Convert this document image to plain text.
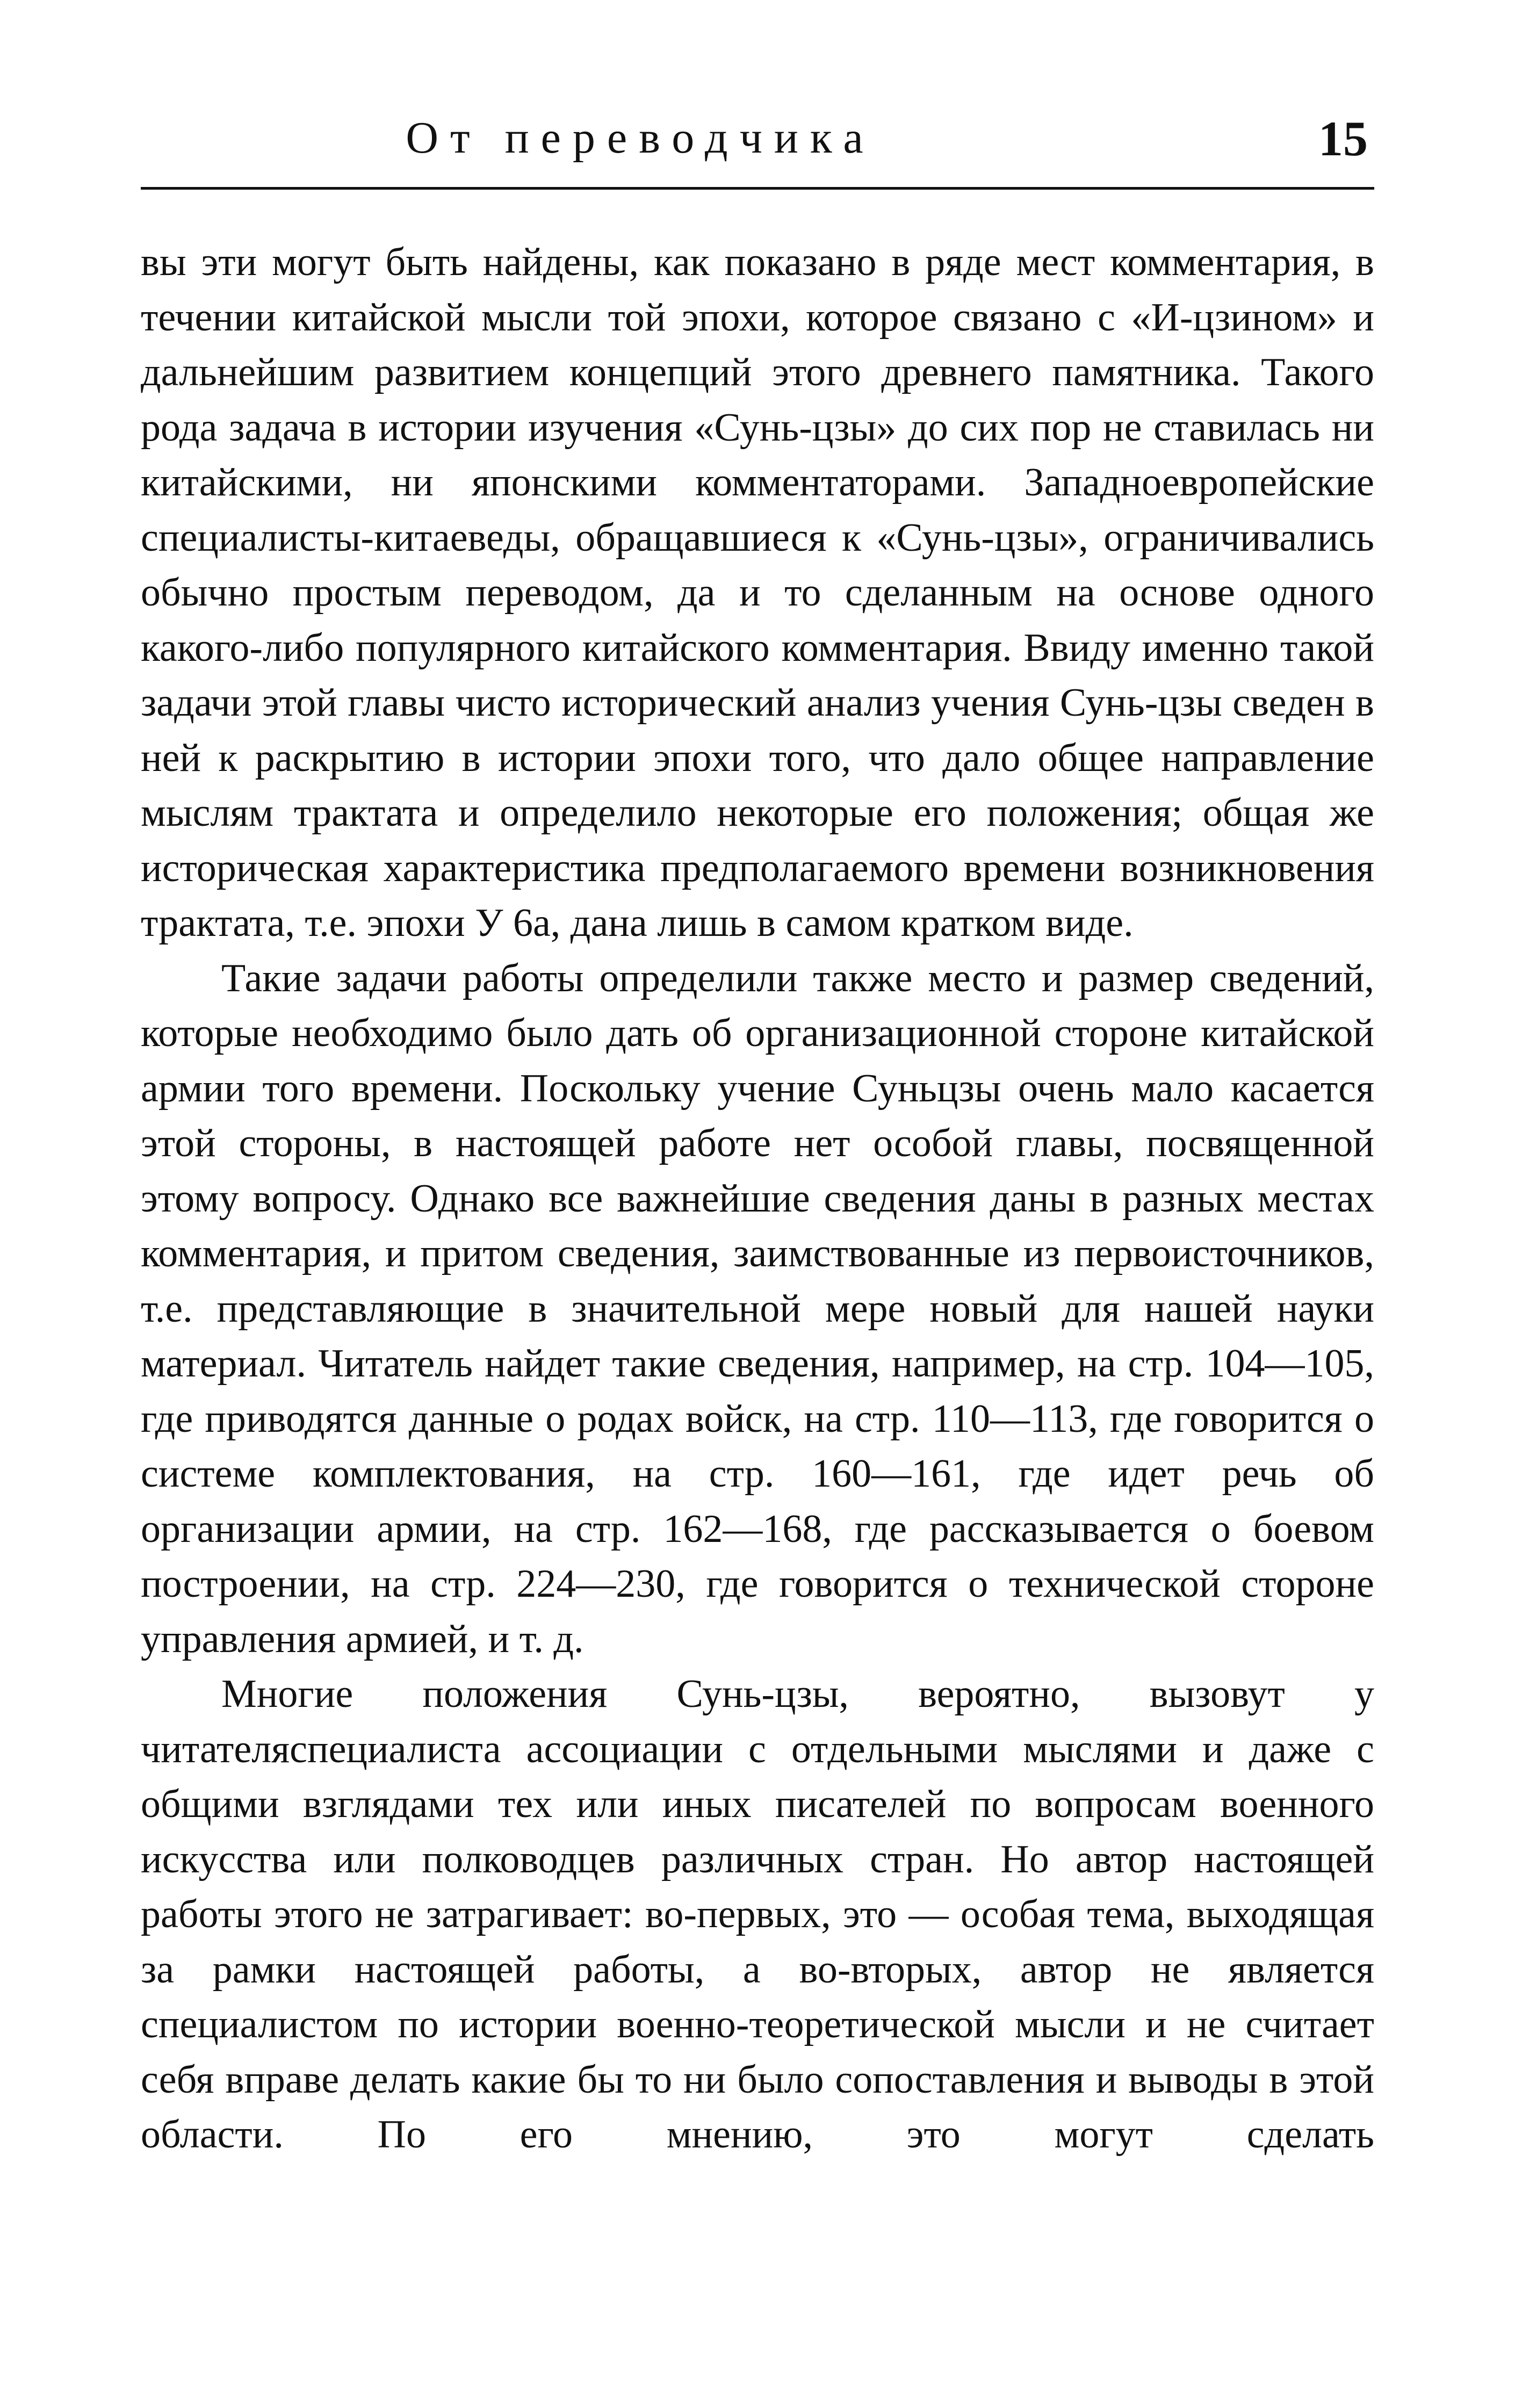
От переводчика	15

вы эти могут быть найдены, как показано в ряде мест комментария, в течении китайской мысли той эпохи, которое связано с «И-цзином» и дальнейшим развитием концепций этого древнего памятника. Такого рода задача в истории изучения «Сунь-цзы» до сих пор не ставилась ни китайскими, ни японскими комментаторами. Западноевропейские специалисты-китаеведы, обращавшиеся к «Сунь-цзы», ограничивались обычно простым переводом, да и то сделанным на основе одного какого-либо популярного китайского комментария. Ввиду именно такой задачи этой главы чисто исторический анализ учения Сунь-цзы сведен в ней к раскрытию в истории эпохи того, что дало общее направление мыслям трактата и определило некоторые его положения; общая же историческая характеристика предполагаемого времени возникновения трактата, т.е. эпохи У 6а, дана лишь в самом кратком виде.

Такие задачи работы определили также место и размер сведений, которые необходимо было дать об организационной стороне китайской армии того времени. Поскольку учение Суньцзы очень мало касается этой стороны, в настоящей работе нет особой главы, посвященной этому вопросу. Однако все важнейшие сведения даны в разных местах комментария, и притом сведения, заимствованные из первоисточников, т.е. представляющие в значительной мере новый для нашей науки материал. Читатель найдет такие сведения, например, на стр. 104—105, где приводятся данные о родах войск, на стр. 110—113, где говорится о системе комплектования, на стр. 160—161, где идет речь об организации армии, на стр. 162—168, где рассказывается о боевом построении, на стр. 224—230, где говорится о технической стороне управления армией, и т. д.

Многие положения Сунь-цзы, вероятно, вызовут у читателяспециалиста ассоциации с отдельными мыслями и даже с общими взглядами тех или иных писателей по вопросам военного искусства или полководцев различных стран. Но автор настоящей работы этого не затрагивает: во-первых, это — особая тема, выходящая за рамки настоящей работы, а во-вторых, автор не является специалистом по истории военно-теоретической мысли и не считает себя вправе делать какие бы то ни было сопоставления и выводы в этой области. По его мнению, это могут сделать
